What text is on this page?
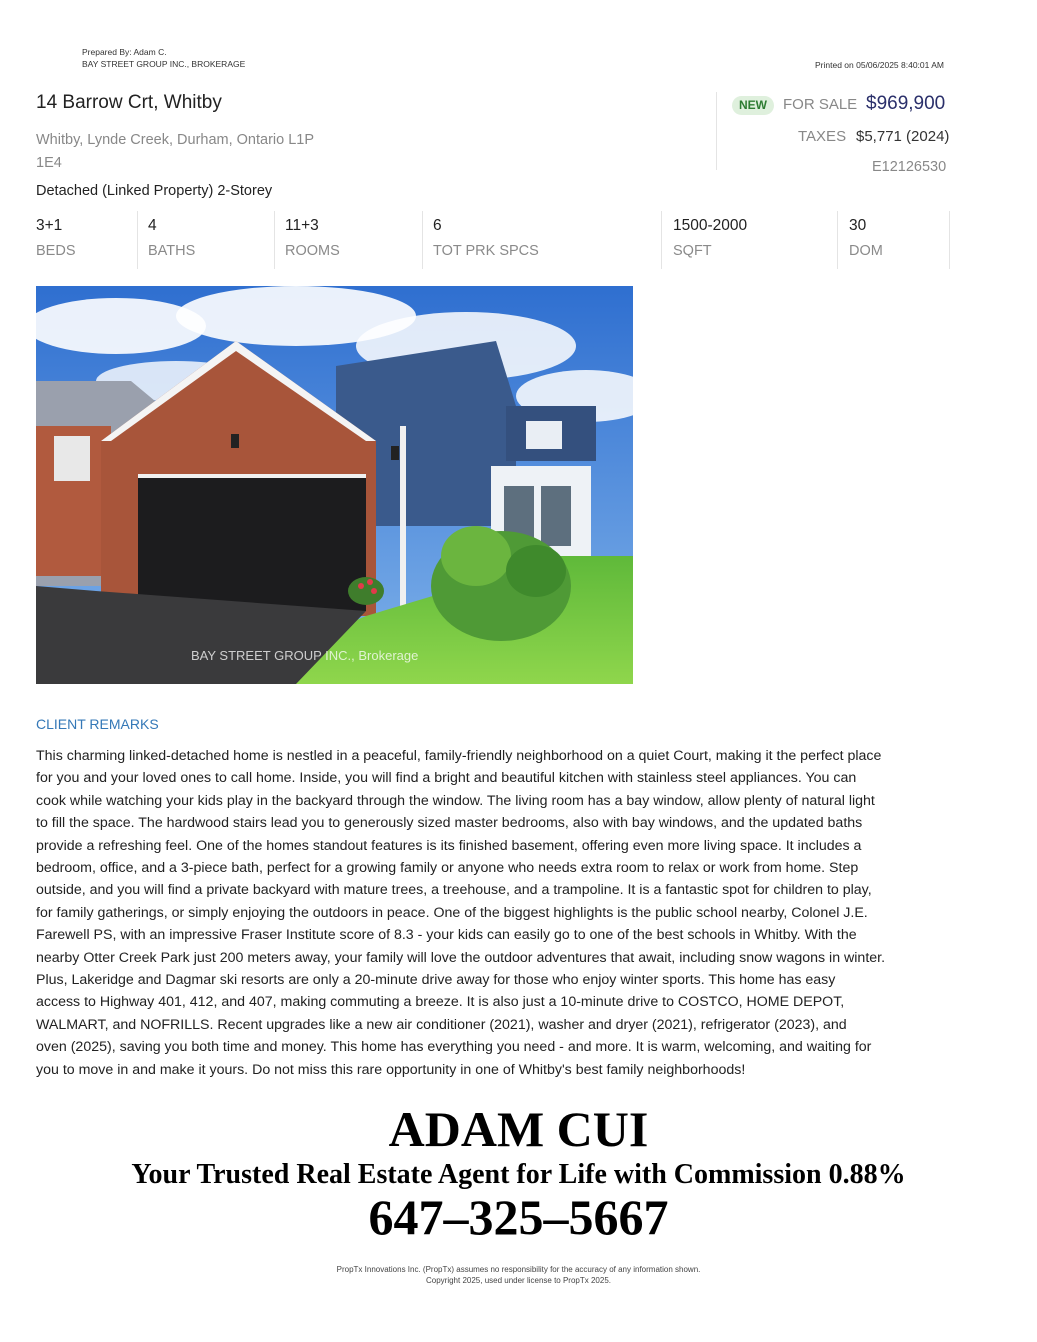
Prepared By: Adam C.
BAY STREET GROUP INC., BROKERAGE	Printed on 05/06/2025 8:40:01 AM
14 Barrow Crt, Whitby
Whitby, Lynde Creek, Durham, Ontario L1P
1E4
Detached (Linked Property) 2-Storey
NEW	FOR SALE $969,900
TAXES $5,771 (2024)
E12126530
3+1
BEDS
4
BATHS
11+3
ROOMS
6
TOT PRK SPCS
1500-2000
SQFT
30
DOM
BAY STREET GROUP INC., Brokerage
CLIENT REMARKS
This charming linked-detached home is nestled in a peaceful, family-friendly neighborhood on a quiet Court, making it the perfect place
for you and your loved ones to call home. Inside, you will find a bright and beautiful kitchen with stainless steel appliances. You can
cook while watching your kids play in the backyard through the window. The living room has a bay window, allow plenty of natural light
to fill the space. The hardwood stairs lead you to generously sized master bedrooms, also with bay windows, and the updated baths
provide a refreshing feel. One of the homes standout features is its finished basement, offering even more living space. It includes a
bedroom, office, and a 3-piece bath, perfect for a growing family or anyone who needs extra room to relax or work from home. Step
outside, and you will find a private backyard with mature trees, a treehouse, and a trampoline. It is a fantastic spot for children to play,
for family gatherings, or simply enjoying the outdoors in peace. One of the biggest highlights is the public school nearby, Colonel J.E.
Farewell PS, with an impressive Fraser Institute score of 8.3 - your kids can easily go to one of the best schools in Whitby. With the
nearby Otter Creek Park just 200 meters away, your family will love the outdoor adventures that await, including snow wagons in winter.
Plus, Lakeridge and Dagmar ski resorts are only a 20-minute drive away for those who enjoy winter sports. This home has easy
access to Highway 401, 412, and 407, making commuting a breeze. It is also just a 10-minute drive to COSTCO, HOME DEPOT,
WALMART, and NOFRILLS. Recent upgrades like a new air conditioner (2021), washer and dryer (2021), refrigerator (2023), and
oven (2025), saving you both time and money. This home has everything you need - and more. It is warm, welcoming, and waiting for
you to move in and make it yours. Do not miss this rare opportunity in one of Whitby's best family neighborhoods!
ADAM CUI
Your Trusted Real Estate Agent for Life with Commission 0.88%
647–325–5667
PropTx Innovations Inc. (PropTx) assumes no responsibility for the accuracy of any information shown.
Copyright 2025, used under license to PropTx 2025.
